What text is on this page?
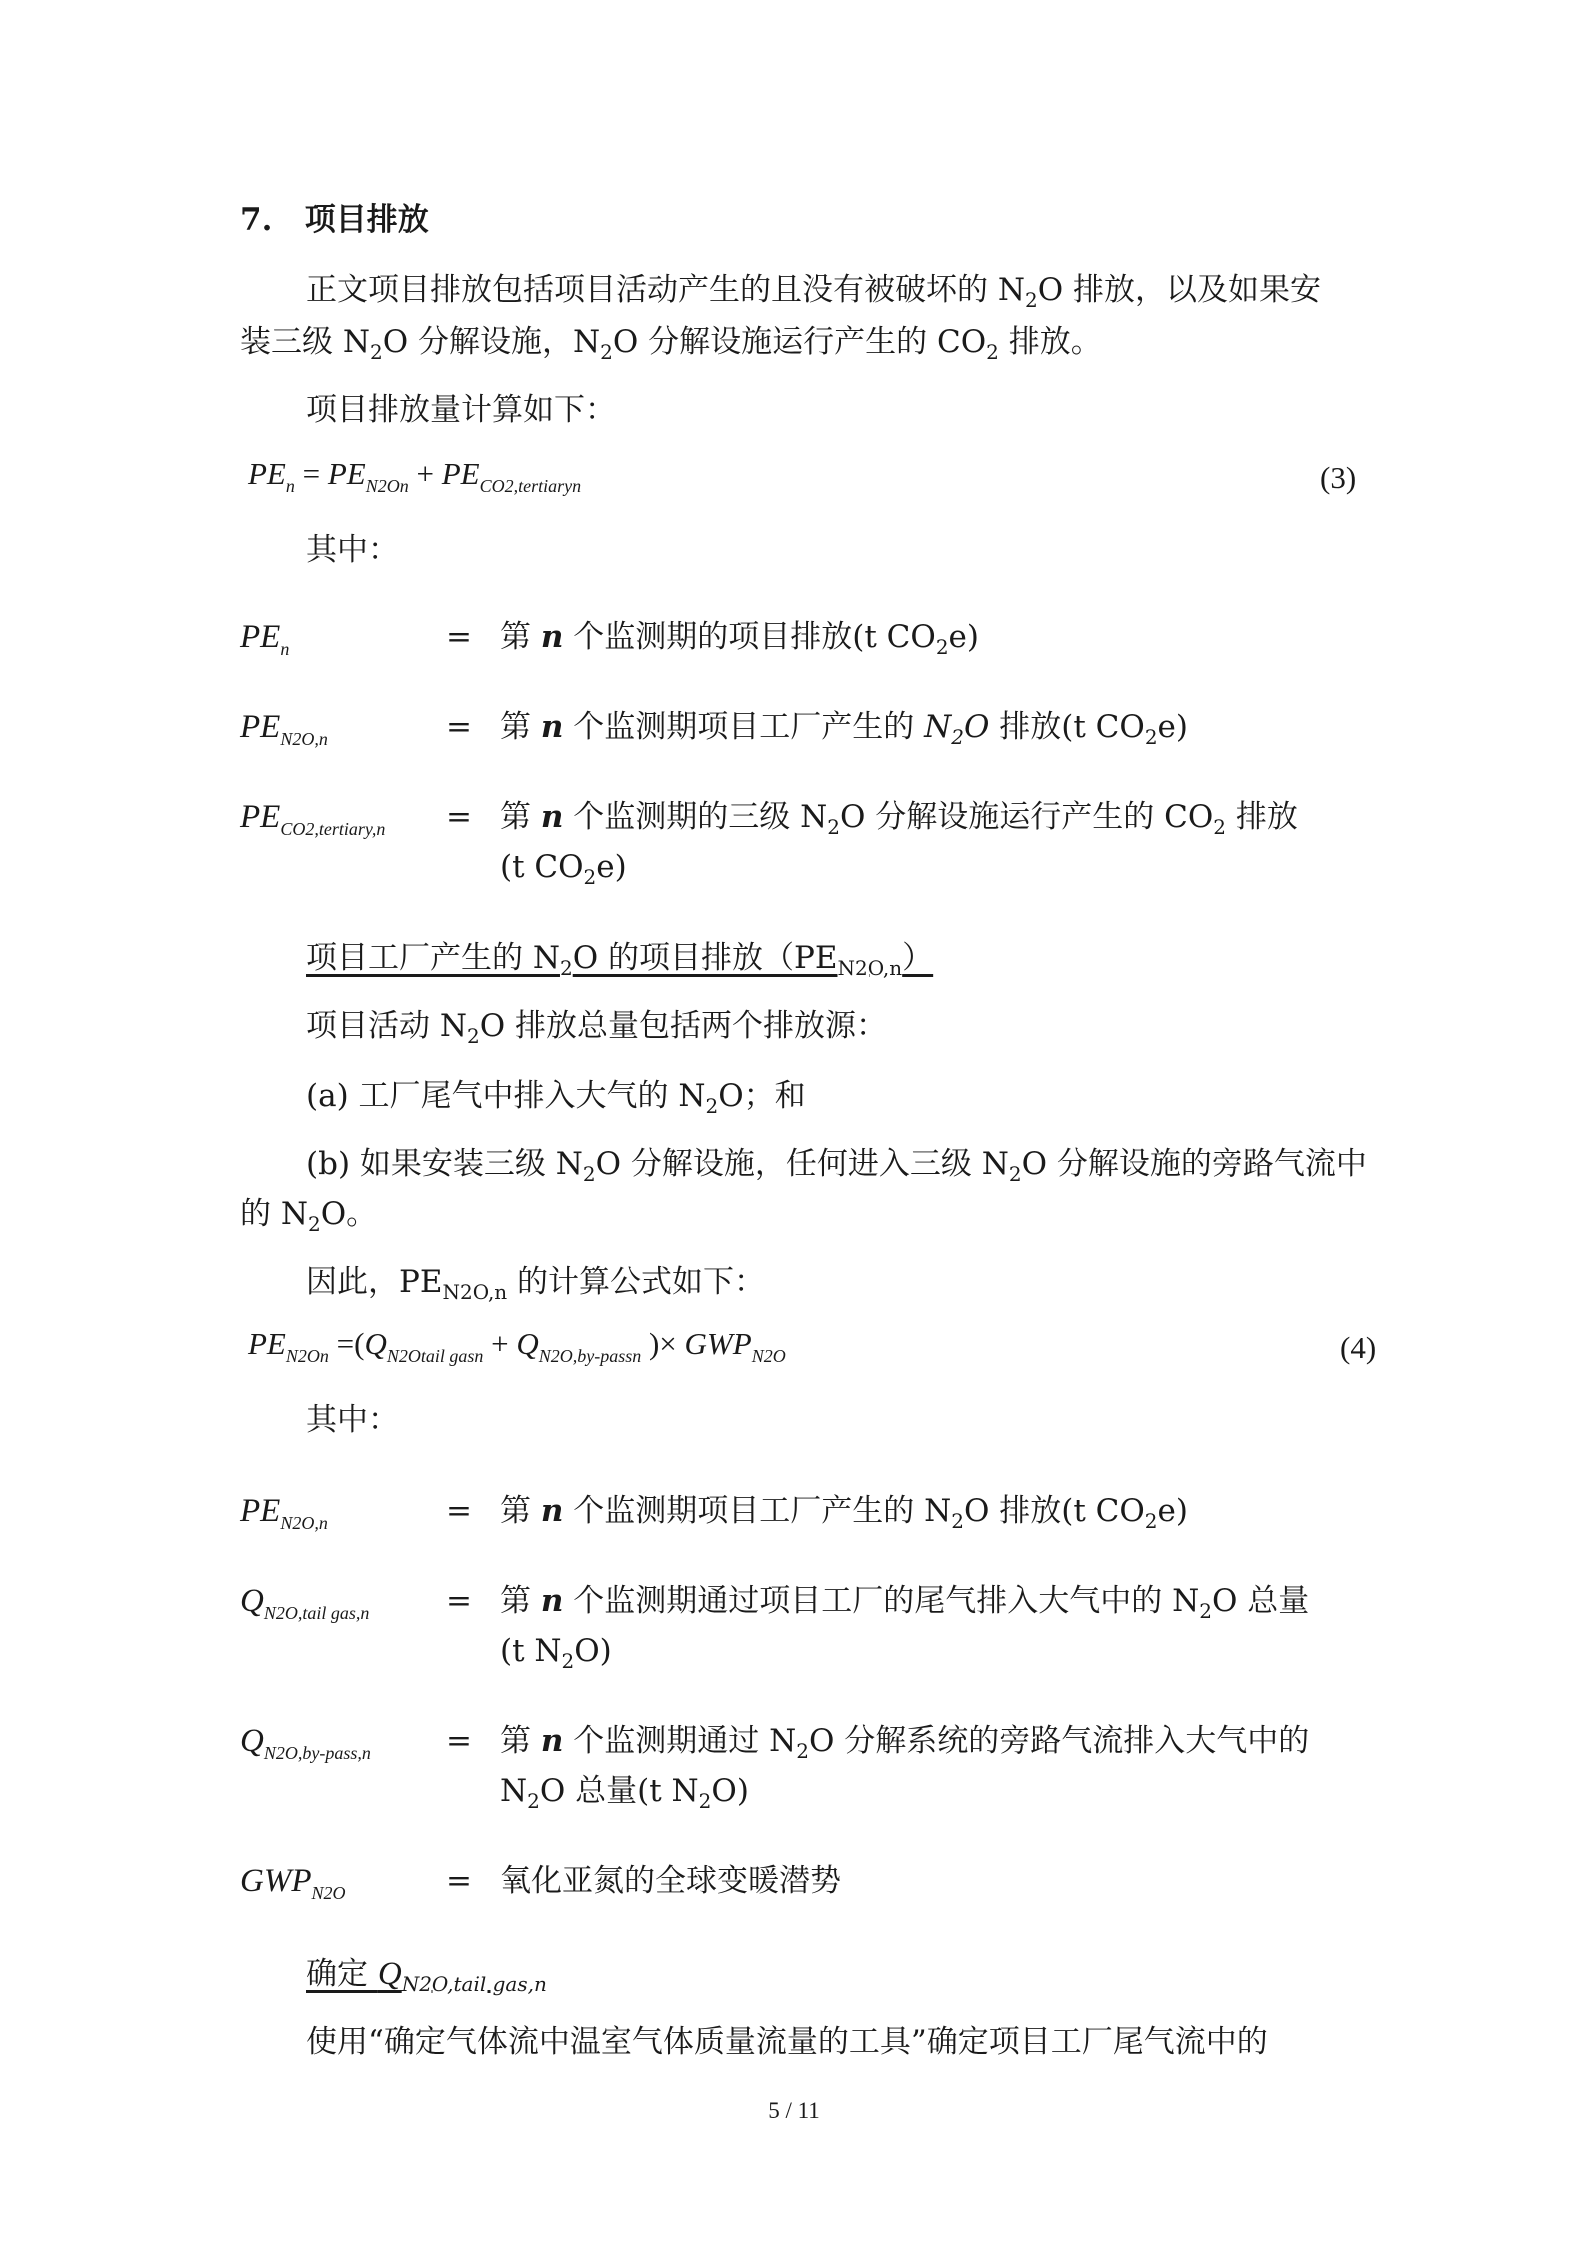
7. 项目排放
正文项目排放包括项目活动产生的且没有被破坏的 $N_2O$ 排放，以及如果安
装三级 $N_2O$ 分解设施，$N_2O$ 分解设施运行产生的 $CO_2$ 排放。
项目排放量计算如下：
$PE_n = PE_{N2On} + PE_{CO2,tertiaryn}$	(3)
其中：
$PE_n$	= 第 n 个监测期的项目排放(t $CO_2e$)
$PE_{N2O,n}$	= 第 n 个监测期项目工厂产生的 $N_2O$ 排放(t $CO_2e$)
$PE_{CO2,tertiary,n}$ = 第 n 个监测期的三级 $N_2O$ 分解设施运行产生的 $CO_2$ 排放
(t $CO_2e$)
项目工厂产生的 $N_2O$ 的项目排放$(PE_{N2O,n})$
项目活动 $N_2O$ 排放总量包括两个排放源：
(a) 工厂尾气中排入大气的 $N_2O$；和
(b) 如果安装三级 $N_2O$ 分解设施，任何进入三级 $N_2O$ 分解设施的旁路气流中
的 $N_2O$。
因此，$PE_{N2O,n}$ 的计算公式如下：
$PE_{N2On} =(Q_{N2Otail gasn} + Q_{N2O,by-passn}$ )× $GWP_{N2O}$	(4)
其中：
$PE_{N2O,n}$	= 第 n 个监测期项目工厂产生的 $N_2O$ 排放(t $CO_2e$)
$Q_{N2O,tail gas,n}$ = 第 n 个监测期通过项目工厂的尾气排入大气中的 $N_2O$ 总量
(t $N_2O$)
$Q_{N2O,by-pass,n}$ = 第 n 个监测期通过 $N_2O$ 分解系统的旁路气流排入大气中的
$N_2O$ 总量(t $N_2O$)
$GWP_{N2O}$	= 氧化亚氮的全球变暖潜势
确定 $Q_{N2O,tail gas,n}$
使用“确定气体流中温室气体质量流量的工具”确定项目工厂尾气流中的
5 / 11
